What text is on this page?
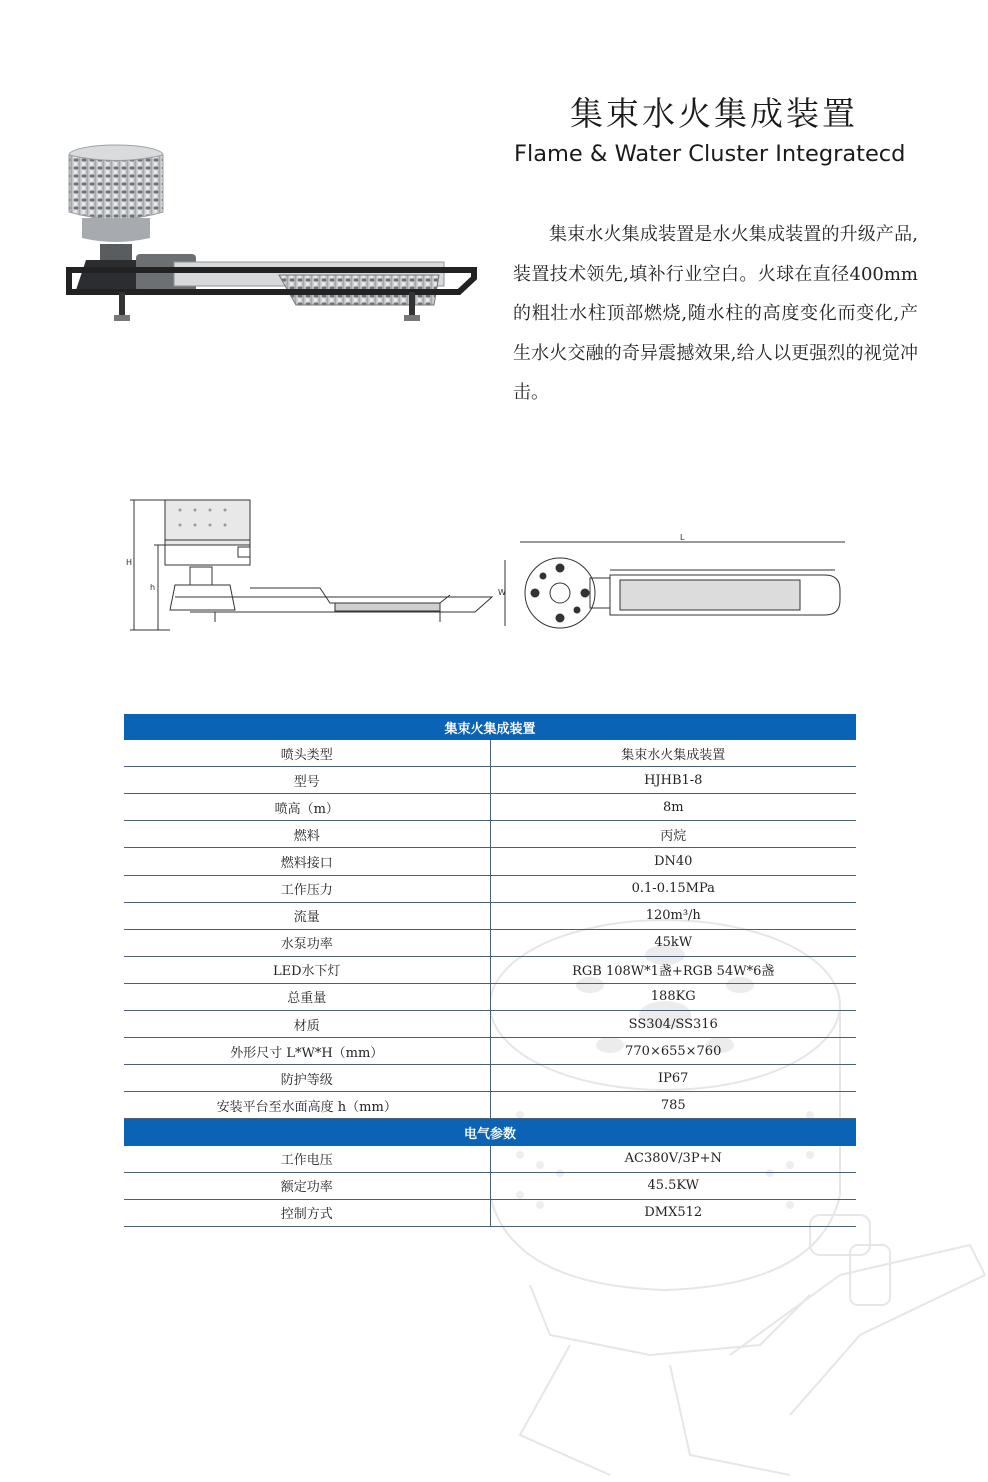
集束水火集成装置
Flame & Water Cluster Integratecd

集束水火集成装置是水火集成装置的升级产品,装置技术领先,填补行业空白。火球在直径400mm的粗壮水柱顶部燃烧,随水柱的高度变化而变化,产生水火交融的奇异震撼效果,给人以更强烈的视觉冲击。

H
h
L
W
集束火集成装置	
喷头类型	集束水火集成装置
型号	HJHB1-8
喷高（m）	8m
燃料	丙烷
燃料接口	DN40
工作压力	0.1-0.15MPa
流量	120m³/h
水泵功率	45kW
LED水下灯	RGB 108W*1盏+RGB 54W*6盏
总重量	188KG
材质	SS304/SS316
外形尺寸 L*W*H（mm）	770×655×760
防护等级	IP67
安装平台至水面高度 h（mm）	785
电气参数	
工作电压	AC380V/3P+N
额定功率	45.5KW
控制方式	DMX512
